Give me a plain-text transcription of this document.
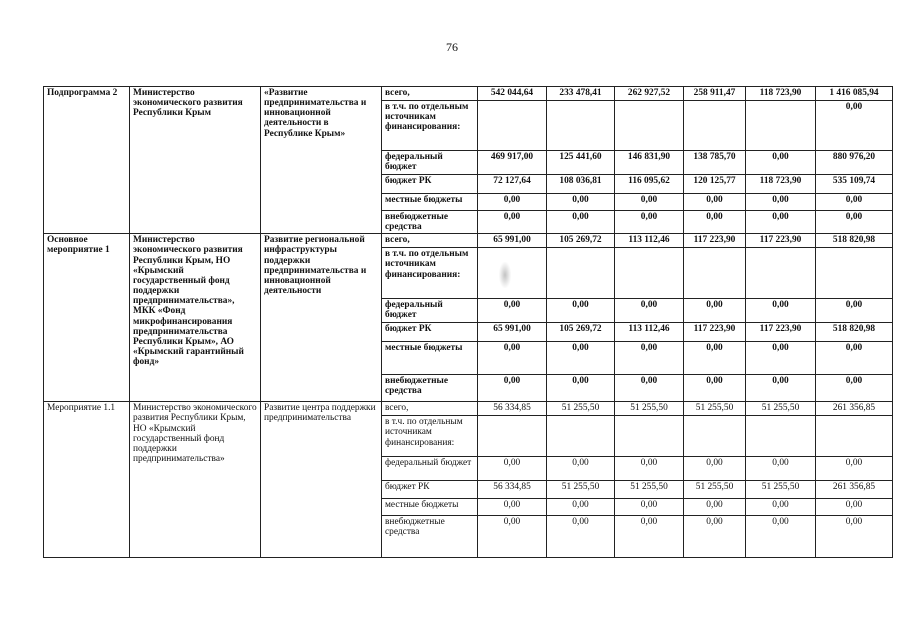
76
Подпрограмма 2	Министерство экономического развития Республики Крым	«Развитие предпринимательства и инновационной деятельности в Республике Крым»	всего,	542 044,64	233 478,41	262 927,52	258 911,47	118 723,90	1 416 085,94
			в т.ч. по отдельным источникам финансирования:						0,00
			федеральный бюджет	469 917,00	125 441,60	146 831,90	138 785,70	0,00	880 976,20
			бюджет РК	72 127,64	108 036,81	116 095,62	120 125,77	118 723,90	535 109,74
			местные бюджеты	0,00	0,00	0,00	0,00	0,00	0,00
			внебюджетные средства	0,00	0,00	0,00	0,00	0,00	0,00
Основное мероприятие 1	Министерство экономического развития Республики Крым, НО «Крымский государственный фонд поддержки предпринимательства», МКК «Фонд микрофинансирования предпринимательства Республики Крым», АО «Крымский гарантийный фонд»	Развитие региональной инфраструктуры поддержки предпринимательства и инновационной деятельности	всего,	65 991,00	105 269,72	113 112,46	117 223,90	117 223,90	518 820,98
			в т.ч. по отдельным источникам финансирования:						
			федеральный бюджет	0,00	0,00	0,00	0,00	0,00	0,00
			бюджет РК	65 991,00	105 269,72	113 112,46	117 223,90	117 223,90	518 820,98
			местные бюджеты	0,00	0,00	0,00	0,00	0,00	0,00
			внебюджетные средства	0,00	0,00	0,00	0,00	0,00	0,00
Мероприятие 1.1	Министерство экономического развития Республики Крым, НО «Крымский государственный фонд поддержки предпринимательства»	Развитие центра поддержки предпринимательства	всего,	56 334,85	51 255,50	51 255,50	51 255,50	51 255,50	261 356,85
			в т.ч. по отдельным источникам финансирования:						
			федеральный бюджет	0,00	0,00	0,00	0,00	0,00	0,00
			бюджет РК	56 334,85	51 255,50	51 255,50	51 255,50	51 255,50	261 356,85
			местные бюджеты	0,00	0,00	0,00	0,00	0,00	0,00
			внебюджетные средства	0,00	0,00	0,00	0,00	0,00	0,00
